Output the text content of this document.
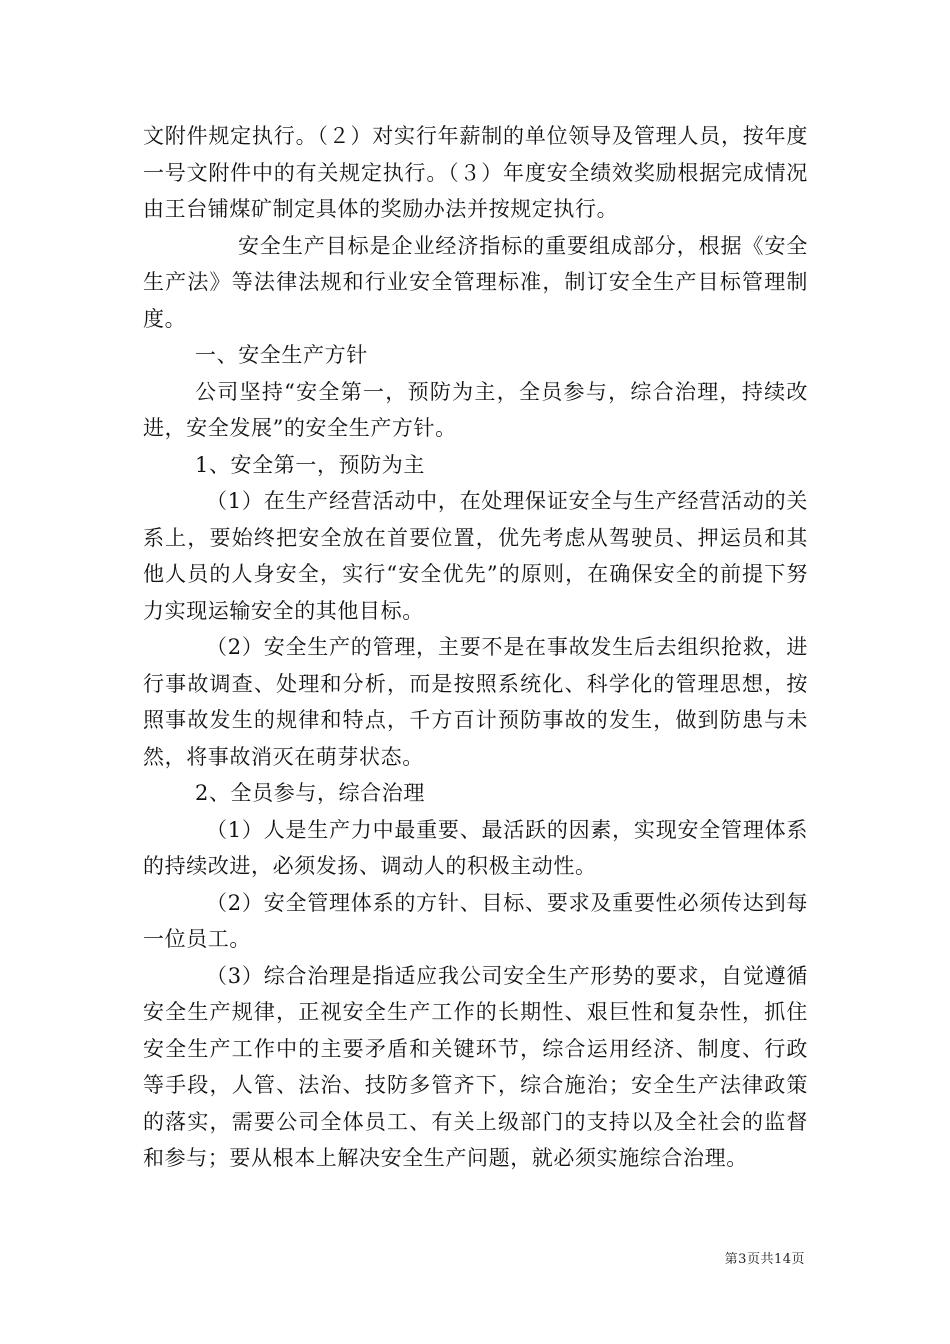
文附件规定执行。（２）对实行年薪制的单位领导及管理人员，按年度一号文附件中的有关规定执行。（３）年度安全绩效奖励根据完成情况由王台铺煤矿制定具体的奖励办法并按规定执行。

安全生产目标是企业经济指标的重要组成部分，根据《安全生产法》等法律法规和行业安全管理标准，制订安全生产目标管理制度。

一、安全生产方针

公司坚持“安全第一，预防为主，全员参与，综合治理，持续改进，安全发展”的安全生产方针。

1、安全第一，预防为主

（1）在生产经营活动中，在处理保证安全与生产经营活动的关系上，要始终把安全放在首要位置，优先考虑从驾驶员、押运员和其他人员的人身安全，实行“安全优先”的原则，在确保安全的前提下努力实现运输安全的其他目标。

（2）安全生产的管理，主要不是在事故发生后去组织抢救，进行事故调查、处理和分析，而是按照系统化、科学化的管理思想，按照事故发生的规律和特点，千方百计预防事故的发生，做到防患与未然，将事故消灭在萌芽状态。

2、全员参与，综合治理

（1）人是生产力中最重要、最活跃的因素，实现安全管理体系的持续改进，必须发扬、调动人的积极主动性。

（2）安全管理体系的方针、目标、要求及重要性必须传达到每一位员工。

（3）综合治理是指适应我公司安全生产形势的要求，自觉遵循安全生产规律，正视安全生产工作的长期性、艰巨性和复杂性，抓住安全生产工作中的主要矛盾和关键环节，综合运用经济、制度、行政等手段，人管、法治、技防多管齐下，综合施治；安全生产法律政策的落实，需要公司全体员工、有关上级部门的支持以及全社会的监督和参与；要从根本上解决安全生产问题，就必须实施综合治理。

第3页共14页
